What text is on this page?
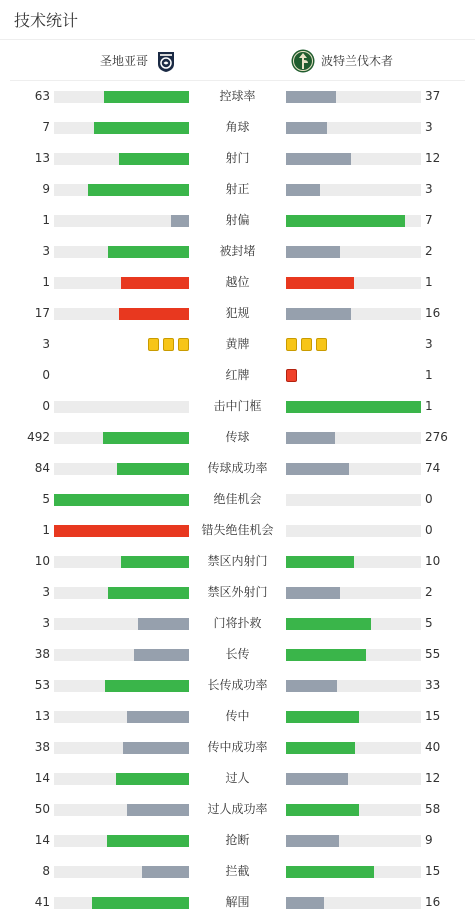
技术统计
圣地亚哥	波特兰伐木者
63	控球率	37
7	角球	3
13	射门	12
9	射正	3
1	射偏	7
3	被封堵	2
1	越位	1
17	犯规	16
3	黄牌	3
0	红牌	1
0	击中门框	1
492	传球	276
84	传球成功率	74
5	绝佳机会	0
1	错失绝佳机会	0
10	禁区内射门	10
3	禁区外射门	2
3	门将扑救	5
38	长传	55
53	长传成功率	33
13	传中	15
38	传中成功率	40
14	过人	12
50	过人成功率	58
14	抢断	9
8	拦截	15
41	解围	16
